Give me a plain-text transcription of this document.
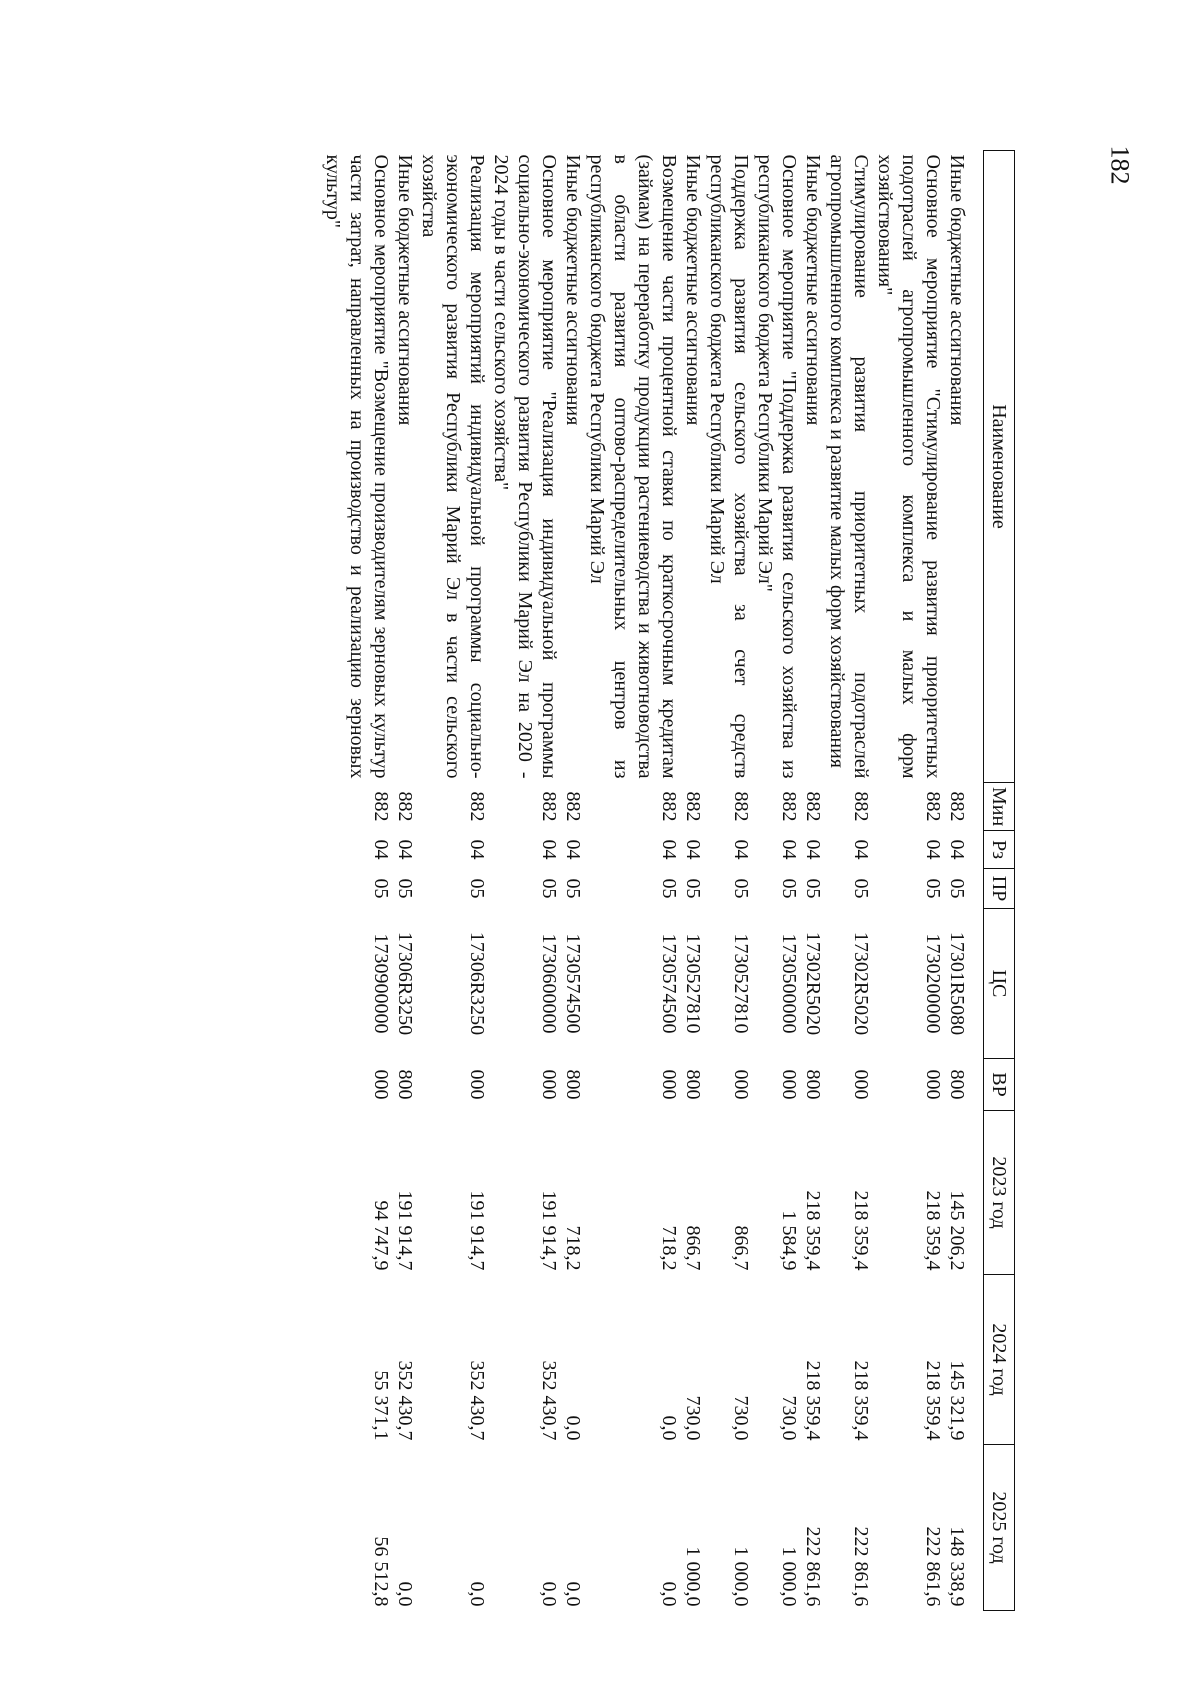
182
Наименование	Мин	Рз	ПР	ЦС	ВР	2023 год	2024 год	2025 год
Иные бюджетные ассигнования	882	04	05	17301R5080	800	145 206,2	145 321,9	148 338,9
Основное мероприятие "Стимулирование развития приоритетных подотраслей агропромышленного комплекса и малых форм хозяйствования"	882	04	05	1730200000	000	218 359,4	218 359,4	222 861,6
Стимулирование развития приоритетных подотраслей агропромышленного комплекса и развитие малых форм хозяйствования	882	04	05	17302R5020	000	218 359,4	218 359,4	222 861,6
Иные бюджетные ассигнования	882	04	05	17302R5020	800	218 359,4	218 359,4	222 861,6
Основное мероприятие "Поддержка развития сельского хозяйства из республиканского бюджета Республики Марий Эл"	882	04	05	1730500000	000	1 584,9	730,0	1 000,0
Поддержка развития сельского хозяйства за счет средств республиканского бюджета Республики Марий Эл	882	04	05	1730527810	000	866,7	730,0	1 000,0
Иные бюджетные ассигнования	882	04	05	1730527810	800	866,7	730,0	1 000,0
Возмещение части процентной ставки по краткосрочным кредитам (займам) на переработку продукции растениеводства и животноводства в области развития оптово-распределительных центров из республиканского бюджета Республики Марий Эл	882	04	05	1730574500	000	718,2	0,0	0,0
Иные бюджетные ассигнования	882	04	05	1730574500	800	718,2	0,0	0,0
Основное мероприятие "Реализация индивидуальной программы социально-экономического развития Республики Марий Эл на 2020 - 2024 годы в части сельского хозяйства"	882	04	05	1730600000	000	191 914,7	352 430,7	0,0
Реализация мероприятий индивидуальной программы социально-экономического развития Республики Марий Эл в части сельского хозяйства	882	04	05	17306R3250	000	191 914,7	352 430,7	0,0
Иные бюджетные ассигнования	882	04	05	17306R3250	800	191 914,7	352 430,7	0,0
Основное мероприятие "Возмещение производителям зерновых культур части затрат, направленных на производство и реализацию зерновых культур"	882	04	05	1730900000	000	94 747,9	55 371,1	56 512,8
